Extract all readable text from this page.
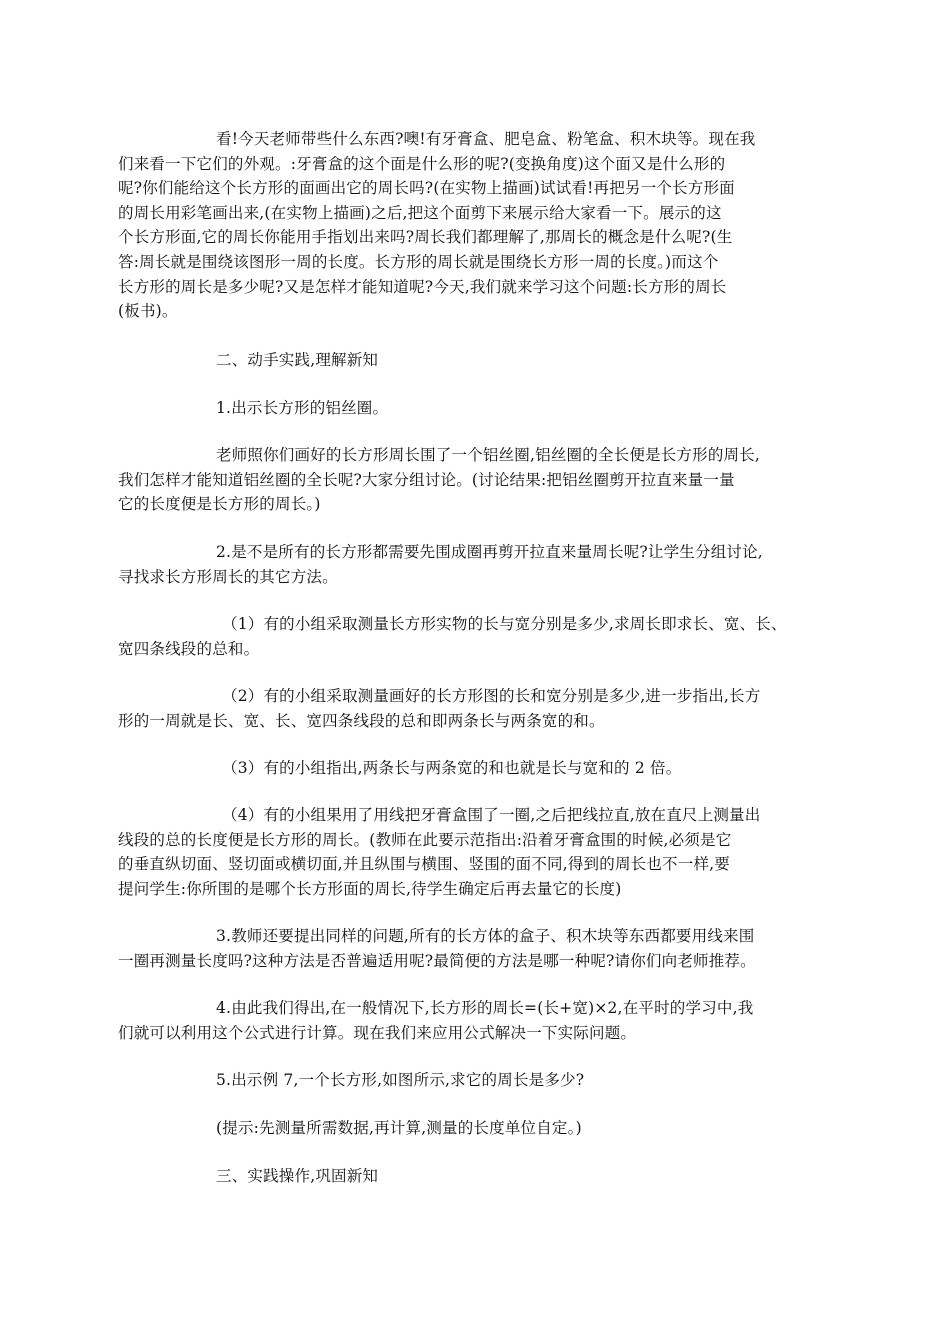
看!今天老师带些什么东西?噢!有牙膏盒、肥皂盒、粉笔盒、积木块等。现在我
们来看一下它们的外观。:牙膏盒的这个面是什么形的呢?(变换角度)这个面又是什么形的
呢?你们能给这个长方形的面画出它的周长吗?(在实物上描画)试试看!再把另一个长方形面
的周长用彩笔画出来,(在实物上描画)之后,把这个面剪下来展示给大家看一下。展示的这
个长方形面,它的周长你能用手指划出来吗?周长我们都理解了,那周长的概念是什么呢?(生
答:周长就是围绕该图形一周的长度。长方形的周长就是围绕长方形一周的长度。)而这个
长方形的周长是多少呢?又是怎样才能知道呢?今天,我们就来学习这个问题:长方形的周长
(板书)。

二、动手实践,理解新知

1.出示长方形的铝丝圈。

老师照你们画好的长方形周长围了一个铝丝圈,铝丝圈的全长便是长方形的周长,
我们怎样才能知道铝丝圈的全长呢?大家分组讨论。(讨论结果:把铝丝圈剪开拉直来量一量
它的长度便是长方形的周长。)

2.是不是所有的长方形都需要先围成圈再剪开拉直来量周长呢?让学生分组讨论,
寻找求长方形周长的其它方法。

（1）有的小组采取测量长方形实物的长与宽分别是多少,求周长即求长、宽、长、
宽四条线段的总和。

（2）有的小组采取测量画好的长方形图的长和宽分别是多少,进一步指出,长方
形的一周就是长、宽、长、宽四条线段的总和即两条长与两条宽的和。

（3）有的小组指出,两条长与两条宽的和也就是长与宽和的 2 倍。

（4）有的小组果用了用线把牙膏盒围了一圈,之后把线拉直,放在直尺上测量出
线段的总的长度便是长方形的周长。(教师在此要示范指出:沿着牙膏盒围的时候,必须是它
的垂直纵切面、竖切面或横切面,并且纵围与横围、竖围的面不同,得到的周长也不一样,要
提问学生:你所围的是哪个长方形面的周长,待学生确定后再去量它的长度)

3.教师还要提出同样的问题,所有的长方体的盒子、积木块等东西都要用线来围
一圈再测量长度吗?这种方法是否普遍适用呢?最简便的方法是哪一种呢?请你们向老师推荐。

4.由此我们得出,在一般情况下,长方形的周长=(长+宽)×2,在平时的学习中,我
们就可以利用这个公式进行计算。现在我们来应用公式解决一下实际问题。

5.出示例 7,一个长方形,如图所示,求它的周长是多少?

(提示:先测量所需数据,再计算,测量的长度单位自定。)

三、实践操作,巩固新知
